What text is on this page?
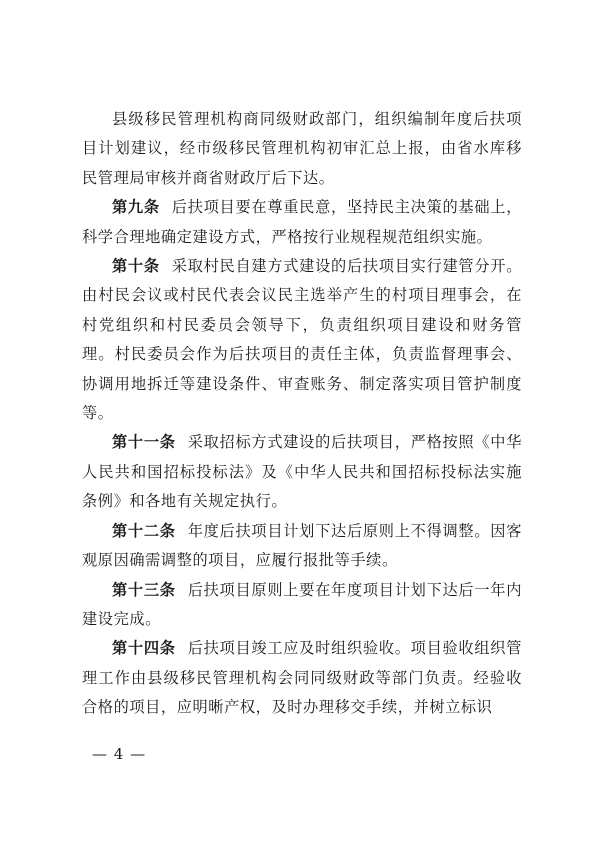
县级移民管理机构商同级财政部门，组织编制年度后扶项目计划建议，经市级移民管理机构初审汇总上报，由省水库移民管理局审核并商省财政厅后下达。

第九条 后扶项目要在尊重民意，坚持民主决策的基础上，科学合理地确定建设方式，严格按行业规程规范组织实施。

第十条 采取村民自建方式建设的后扶项目实行建管分开。由村民会议或村民代表会议民主选举产生的村项目理事会，在村党组织和村民委员会领导下，负责组织项目建设和财务管理。村民委员会作为后扶项目的责任主体，负责监督理事会、协调用地拆迁等建设条件、审查账务、制定落实项目管护制度等。

第十一条 采取招标方式建设的后扶项目，严格按照《中华人民共和国招标投标法》及《中华人民共和国招标投标法实施条例》和各地有关规定执行。

第十二条 年度后扶项目计划下达后原则上不得调整。因客观原因确需调整的项目，应履行报批等手续。

第十三条 后扶项目原则上要在年度项目计划下达后一年内建设完成。

第十四条 后扶项目竣工应及时组织验收。项目验收组织管理工作由县级移民管理机构会同同级财政等部门负责。经验收合格的项目，应明晰产权，及时办理移交手续，并树立标识

— 4 —
